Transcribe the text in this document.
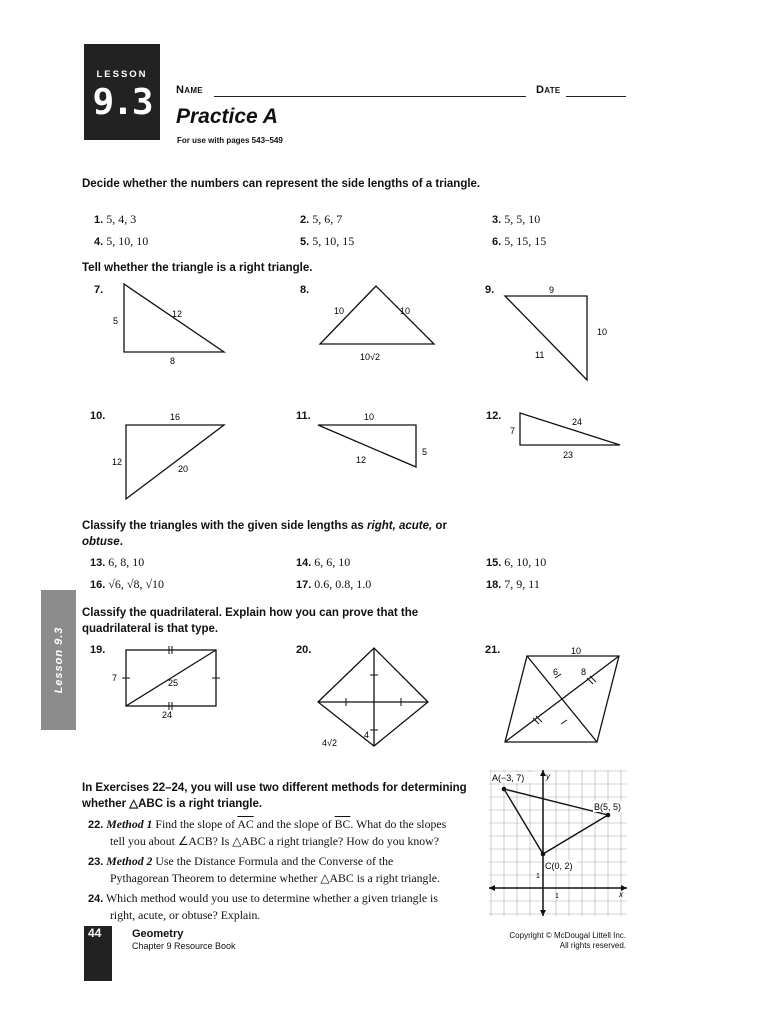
LESSON
9.3	Name	Date
Practice A
For use with pages 543–549
Decide whether the numbers can represent the side lengths of a triangle.
1. 5, 4, 3	2. 5, 6, 7	3. 5, 5, 10
4. 5, 10, 10	5. 5, 10, 15	6. 5, 15, 15
Tell whether the triangle is a right triangle.
7.
5
12
8
8.
10	10
10√2
9.	9
10
11
10.	16
12
20
11.	10
5
12
12.
7
24
23
Classify the triangles with the given side lengths as right, acute, or obtuse.
13. 6, 8, 10	14. 6, 6, 10	15. 6, 10, 10
16. √6, √8, √10	17. 0.6, 0.8, 1.0	18. 7, 9, 11
Lesson 9.3
Classify the quadrilateral. Explain how you can prove that the quadrilateral is that type.
19.
7	25
24
20.
4
4√2
21.	10
6	8
In Exercises 22–24, you will use two different methods for determining whether △ABC is a right triangle.
22. Method 1 Find the slope of $\overline{AC}$ and the slope of $\overline{BC}$. What do the slopes
tell you about ∠ACB? Is △ABC a right triangle? How do you know?
23. Method 2 Use the Distance Formula and the Converse of the
Pythagorean Theorem to determine whether △ABC is a right triangle.
24. Which method would you use to determine whether a given triangle is
right, acute, or obtuse? Explain.
A(−3, 7)	y
B(5, 5)
C(0, 2)
x
1
1
44	Geometry
Chapter 9 Resource Book
Copyright © McDougal Littell Inc.
All rights reserved.
